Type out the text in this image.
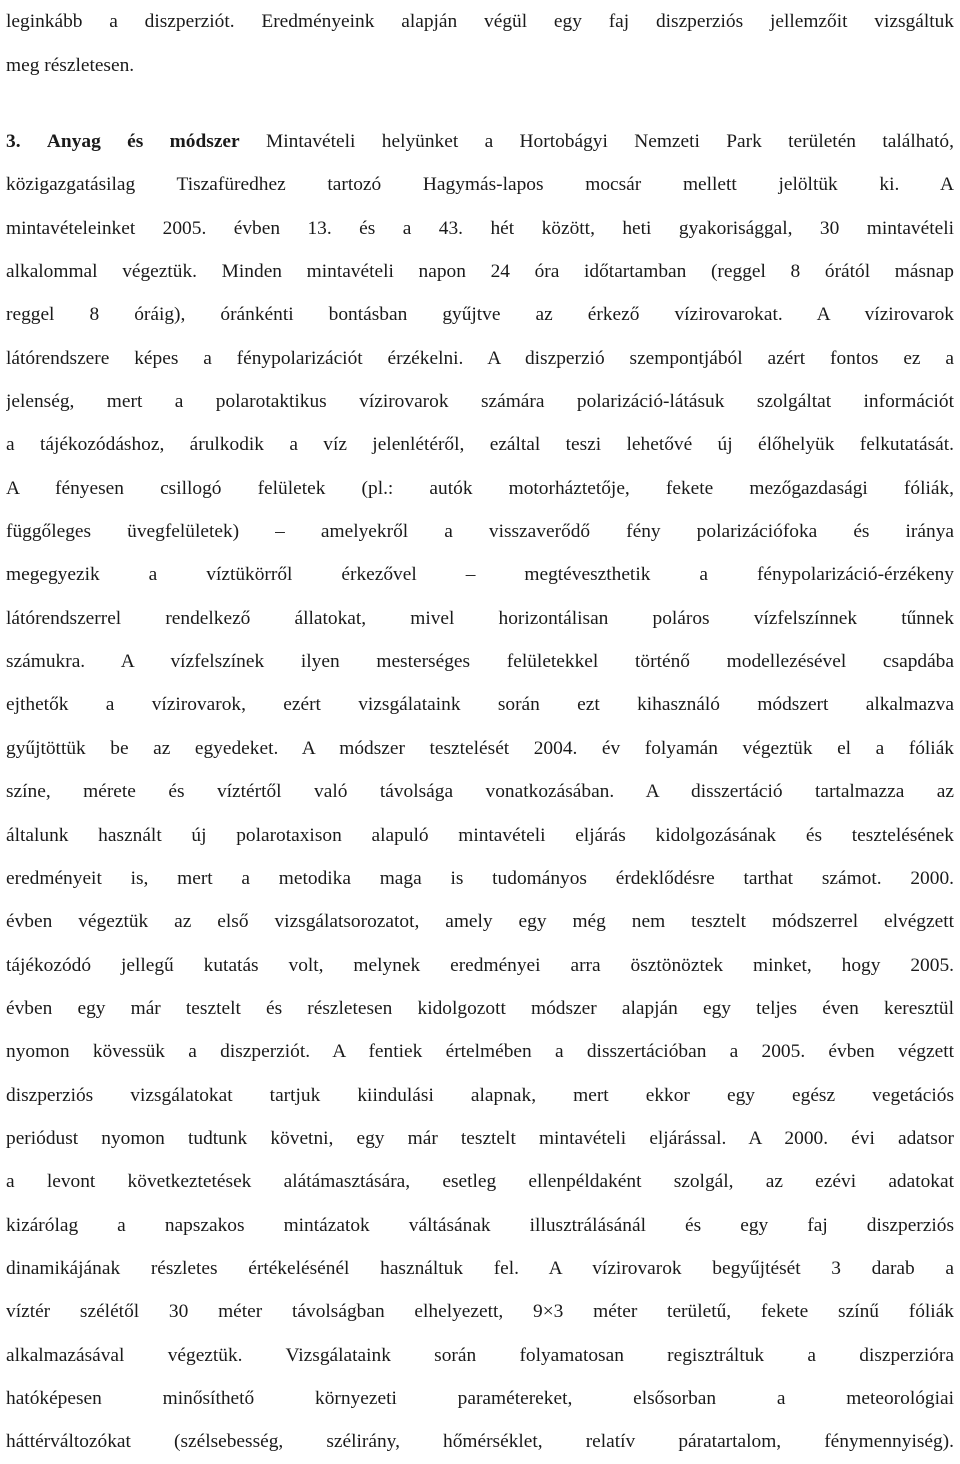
leginkább a diszperziót. Eredményeink alapján végül egy faj diszperziós jellemzőit vizsgáltuk
meg részletesen.
3. Anyag és módszer Mintavételi helyünket a Hortobágyi Nemzeti Park területén található,
közigazgatásilag Tiszafüredhez tartozó Hagymás-lapos mocsár mellett jelöltük ki. A
mintavételeinket 2005. évben 13. és a 43. hét között, heti gyakorisággal, 30 mintavételi
alkalommal végeztük. Minden mintavételi napon 24 óra időtartamban (reggel 8 órától másnap
reggel 8 óráig), óránkénti bontásban gyűjtve az érkező vízirovarokat. A vízirovarok
látórendszere képes a fénypolarizációt érzékelni. A diszperzió szempontjából azért fontos ez a
jelenség, mert a polarotaktikus vízirovarok számára polarizáció-látásuk szolgáltat információt
a tájékozódáshoz, árulkodik a víz jelenlétéről, ezáltal teszi lehetővé új élőhelyük felkutatását.
A fényesen csillogó felületek (pl.: autók motorháztetője, fekete mezőgazdasági fóliák,
függőleges üvegfelületek) – amelyekről a visszaverődő fény polarizációfoka és iránya
megegyezik a víztükörről érkezővel – megtéveszthetik a fénypolarizáció-érzékeny
látórendszerrel rendelkező állatokat, mivel horizontálisan poláros vízfelszínnek tűnnek
számukra. A vízfelszínek ilyen mesterséges felületekkel történő modellezésével csapdába
ejthetők a vízirovarok, ezért vizsgálataink során ezt kihasználó módszert alkalmazva
gyűjtöttük be az egyedeket. A módszer tesztelését 2004. év folyamán végeztük el a fóliák
színe, mérete és víztértől való távolsága vonatkozásában. A disszertáció tartalmazza az
általunk használt új polarotaxison alapuló mintavételi eljárás kidolgozásának és tesztelésének
eredményeit is, mert a metodika maga is tudományos érdeklődésre tarthat számot. 2000.
évben végeztük az első vizsgálatsorozatot, amely egy még nem tesztelt módszerrel elvégzett
tájékozódó jellegű kutatás volt, melynek eredményei arra ösztönöztek minket, hogy 2005.
évben egy már tesztelt és részletesen kidolgozott módszer alapján egy teljes éven keresztül
nyomon kövessük a diszperziót. A fentiek értelmében a disszertációban a 2005. évben végzett
diszperziós vizsgálatokat tartjuk kiindulási alapnak, mert ekkor egy egész vegetációs
periódust nyomon tudtunk követni, egy már tesztelt mintavételi eljárással. A 2000. évi adatsor
a levont következtetések alátámasztására, esetleg ellenpéldaként szolgál, az ezévi adatokat
kizárólag a napszakos mintázatok váltásának illusztrálásánál és egy faj diszperziós
dinamikájának részletes értékelésénél használtuk fel. A vízirovarok begyűjtését 3 darab a
víztér szélétől 30 méter távolságban elhelyezett, 9×3 méter területű, fekete színű fóliák
alkalmazásával végeztük. Vizsgálataink során folyamatosan regisztráltuk a diszperzióra
hatóképesen minősíthető környezeti paramétereket, elsősorban a meteorológiai
háttérváltozókat (szélsebesség, szélirány, hőmérséklet, relatív páratartalom, fénymennyiség).
